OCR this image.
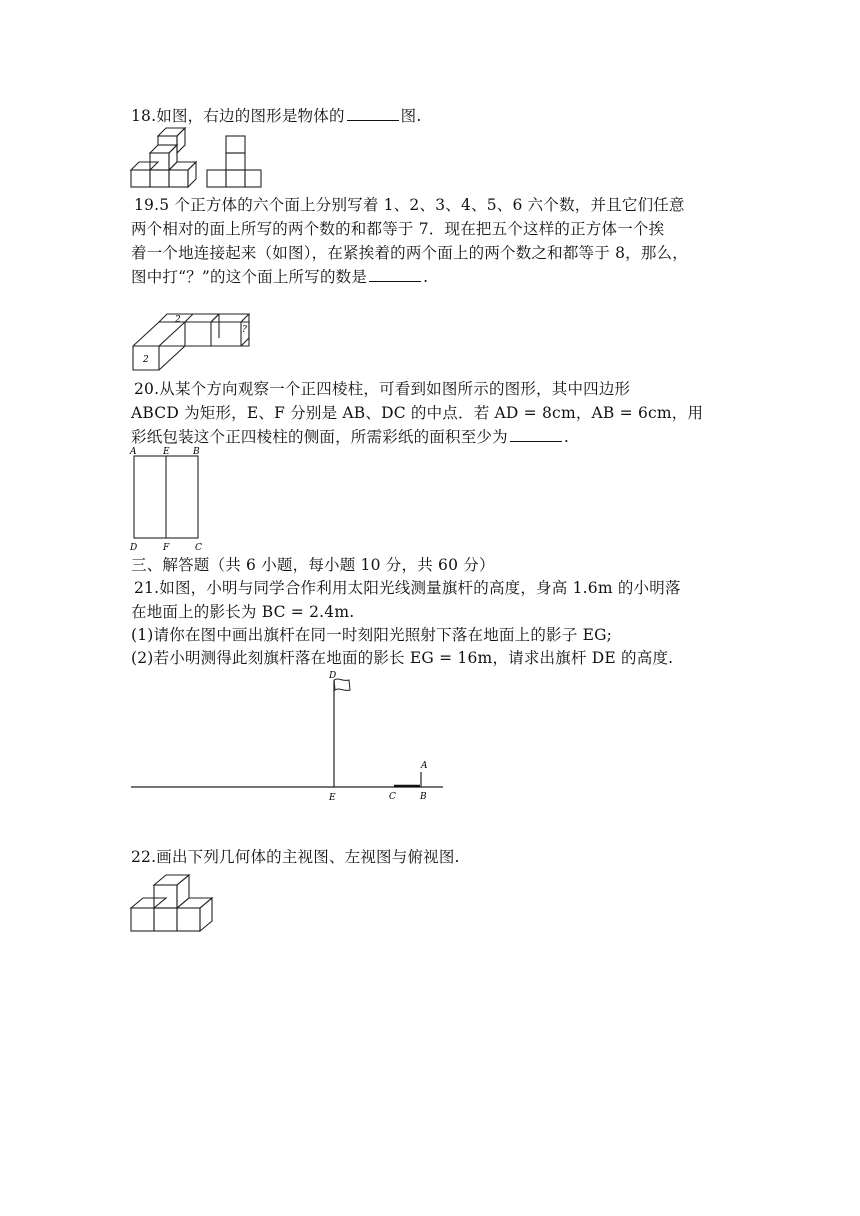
18.如图，右边的图形是物体的	图.
19.5 个正方体的六个面上分别写着 1、2、3、4、5、6 六个数，并且它们任意
两个相对的面上所写的两个数的和都等于 7．现在把五个这样的正方体一个挨
着一个地连接起来（如图），在紧挨着的两个面上的两个数之和都等于 8，那么，
图中打“？”的这个面上所写的数是	.
2
2
?
20.从某个方向观察一个正四棱柱，可看到如图所示的图形，其中四边形
ABCD 为矩形，E、F 分别是 AB、DC 的中点．若 AD = 8cm，AB = 6cm，用
彩纸包装这个正四棱柱的侧面，所需彩纸的面积至少为	.
A	E	B
D	F	C
三、解答题（共 6 小题，每小题 10 分，共 60 分）
21.如图，小明与同学合作利用太阳光线测量旗杆的高度，身高 1.6m 的小明落
在地面上的影长为 BC = 2.4m.
(1)请你在图中画出旗杆在同一时刻阳光照射下落在地面上的影子 EG;
(2)若小明测得此刻旗杆落在地面的影长 EG = 16m，请求出旗杆 DE 的高度.
D
A
E	C	B
22.画出下列几何体的主视图、左视图与俯视图.
